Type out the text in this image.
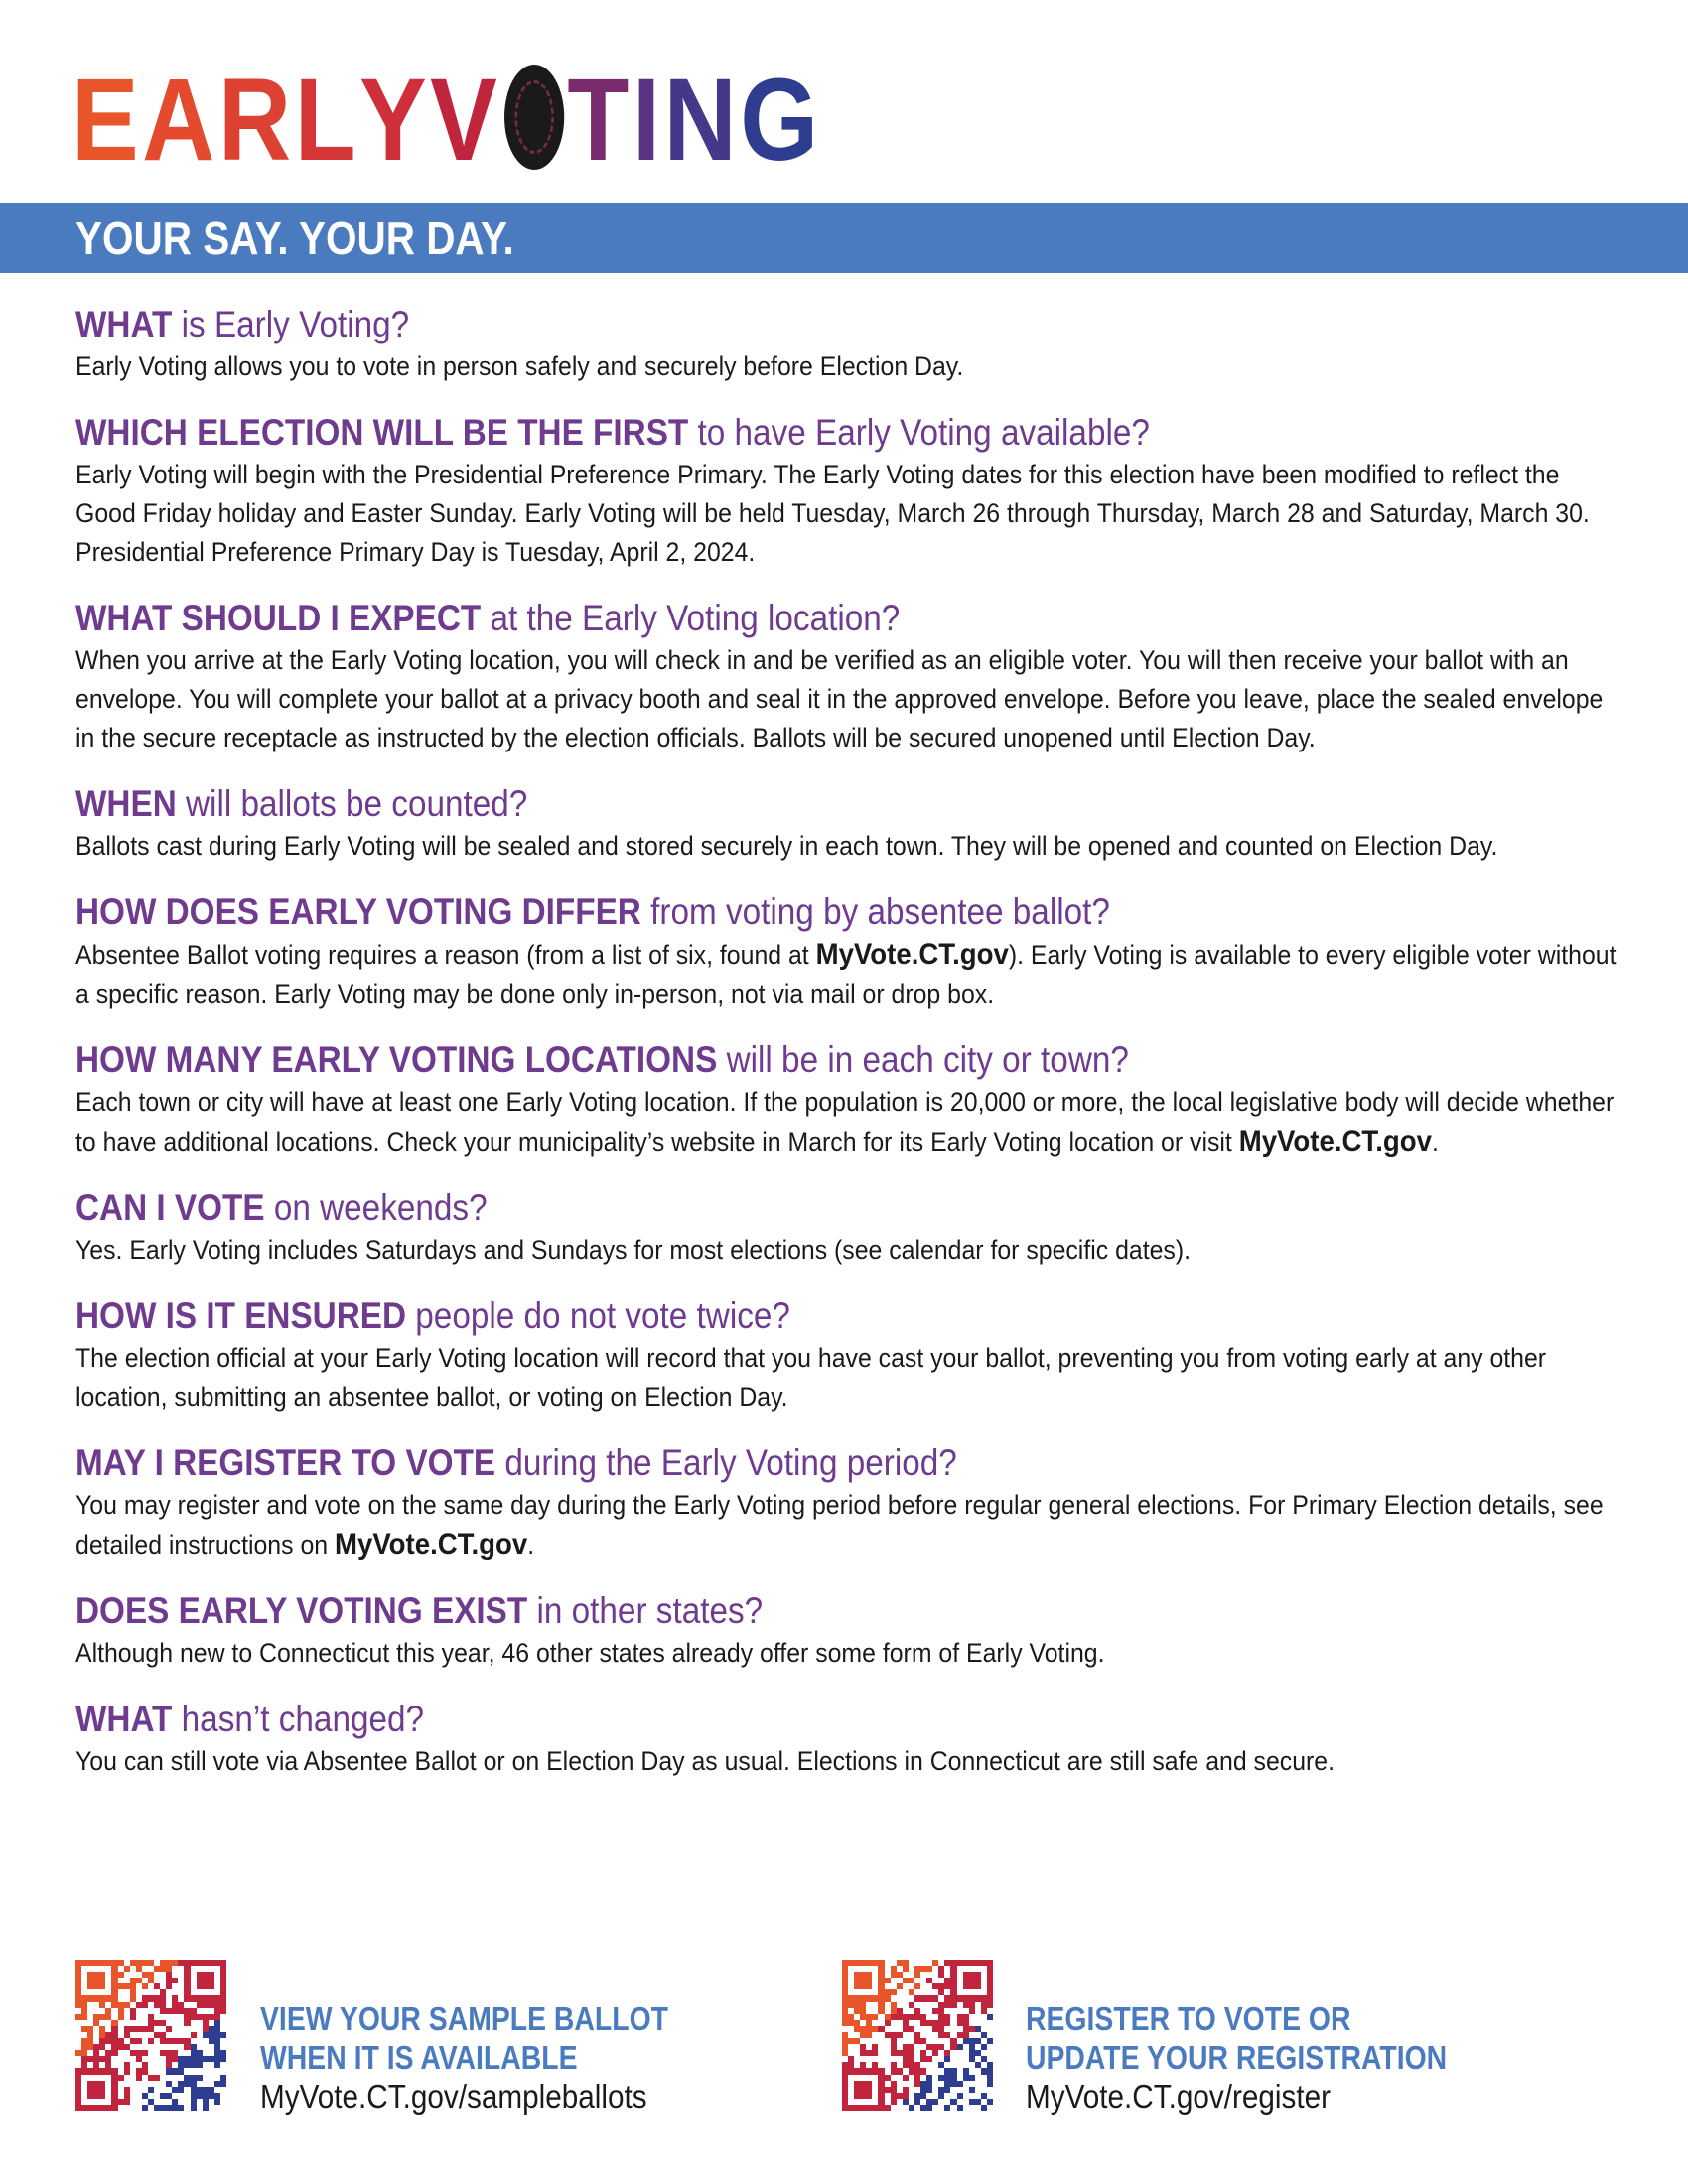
EARLYV TING
YOUR SAY. YOUR DAY.
WHAT is Early Voting?
Early Voting allows you to vote in person safely and securely before Election Day.
WHICH ELECTION WILL BE THE FIRST to have Early Voting available?
Early Voting will begin with the Presidential Preference Primary. The Early Voting dates for this election have been modified to reflect the Good Friday holiday and Easter Sunday. Early Voting will be held Tuesday, March 26 through Thursday, March 28 and Saturday, March 30. Presidential Preference Primary Day is Tuesday, April 2, 2024.
WHAT SHOULD I EXPECT at the Early Voting location?
When you arrive at the Early Voting location, you will check in and be verified as an eligible voter. You will then receive your ballot with an envelope. You will complete your ballot at a privacy booth and seal it in the approved envelope. Before you leave, place the sealed envelope in the secure receptacle as instructed by the election officials. Ballots will be secured unopened until Election Day.
WHEN will ballots be counted?
Ballots cast during Early Voting will be sealed and stored securely in each town. They will be opened and counted on Election Day.
HOW DOES EARLY VOTING DIFFER from voting by absentee ballot?
Absentee Ballot voting requires a reason (from a list of six, found at MyVote.CT.gov). Early Voting is available to every eligible voter without a specific reason. Early Voting may be done only in-person, not via mail or drop box.
HOW MANY EARLY VOTING LOCATIONS will be in each city or town?
Each town or city will have at least one Early Voting location. If the population is 20,000 or more, the local legislative body will decide whether to have additional locations. Check your municipality’s website in March for its Early Voting location or visit MyVote.CT.gov.
CAN I VOTE on weekends?
Yes. Early Voting includes Saturdays and Sundays for most elections (see calendar for specific dates).
HOW IS IT ENSURED people do not vote twice?
The election official at your Early Voting location will record that you have cast your ballot, preventing you from voting early at any other location, submitting an absentee ballot, or voting on Election Day.
MAY I REGISTER TO VOTE during the Early Voting period?
You may register and vote on the same day during the Early Voting period before regular general elections. For Primary Election details, see detailed instructions on MyVote.CT.gov.
DOES EARLY VOTING EXIST in other states?
Although new to Connecticut this year, 46 other states already offer some form of Early Voting.
WHAT hasn’t changed?
You can still vote via Absentee Ballot or on Election Day as usual. Elections in Connecticut are still safe and secure.
VIEW YOUR SAMPLE BALLOT
WHEN IT IS AVAILABLE
MyVote.CT.gov/sampleballots
REGISTER TO VOTE OR
UPDATE YOUR REGISTRATION
MyVote.CT.gov/register
